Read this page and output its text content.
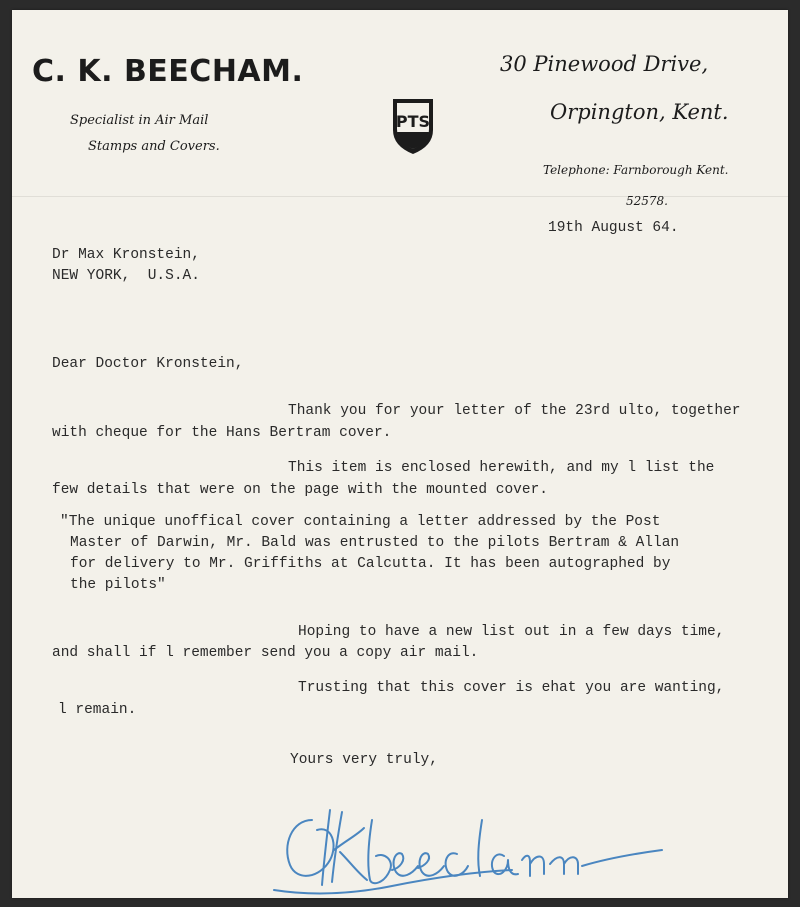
C. K. BEECHAM.

Specialist in Air Mail

Stamps and Covers.

PTS

30 Pinewood Drive,

Orpington, Kent.

Telephone: Farnborough Kent.

52578.

19th August 64.

Dr Max Kronstein,

NEW YORK,  U.S.A.

Dear Doctor Kronstein,

Thank you for your letter of the 23rd ulto, together

with cheque for the Hans Bertram cover.

This item is enclosed herewith, and my l list the

few details that were on the page with the mounted cover.

"The unique unoffical cover containing a letter addressed by the Post

Master of Darwin, Mr. Bald was entrusted to the pilots Bertram & Allan

for delivery to Mr. Griffiths at Calcutta. It has been autographed by

the pilots"

Hoping to have a new list out in a few days time,

and shall if l remember send you a copy air mail.

Trusting that this cover is ehat you are wanting,

l remain.

Yours very truly,
